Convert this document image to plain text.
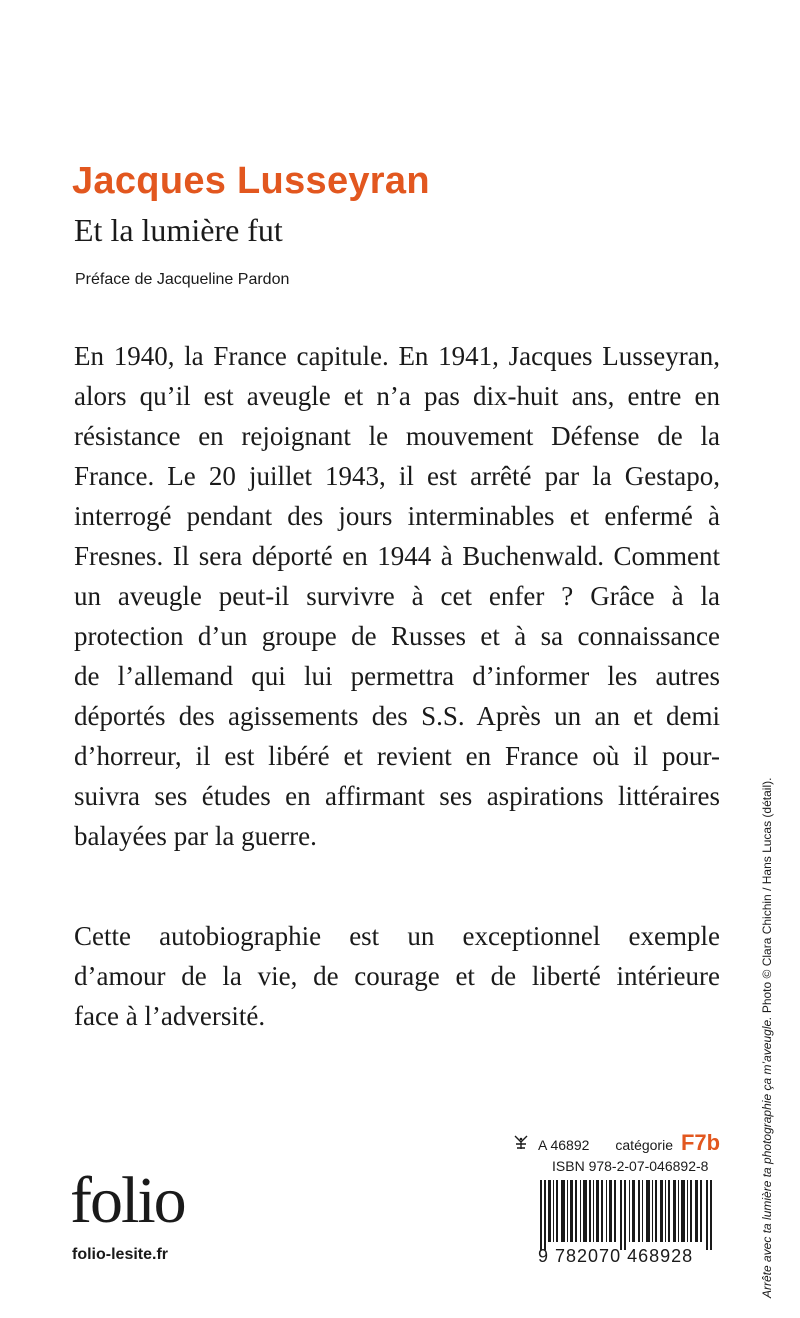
Jacques Lusseyran
Et la lumière fut
Préface de Jacqueline Pardon
En 1940, la France capitule. En 1941, Jacques Lusseyran,
alors qu’il est aveugle et n’a pas dix-huit ans, entre en
résistance en rejoignant le mouvement Défense de la
France. Le 20 juillet 1943, il est arrêté par la Gestapo,
interrogé pendant des jours interminables et enfermé à
Fresnes. Il sera déporté en 1944 à Buchenwald. Comment
un aveugle peut-il survivre à cet enfer ? Grâce à la
protection d’un groupe de Russes et à sa connaissance
de l’allemand qui lui permettra d’informer les autres
déportés des agissements des S.S. Après un an et demi
d’horreur, il est libéré et revient en France où il pour-
suivra ses études en affirmant ses aspirations littéraires
balayées par la guerre.
Cette autobiographie est un exceptionnel exemple
d’amour de la vie, de courage et de liberté intérieure
face à l’adversité.
Arrête avec ta lumière ta photographie ça m’aveugle. Photo © Clara Chichin / Hans Lucas (détail).
A 46892 catégorie F7b
ISBN 978-2-07-046892-8
9 782070 468928
folio
folio-lesite.fr
